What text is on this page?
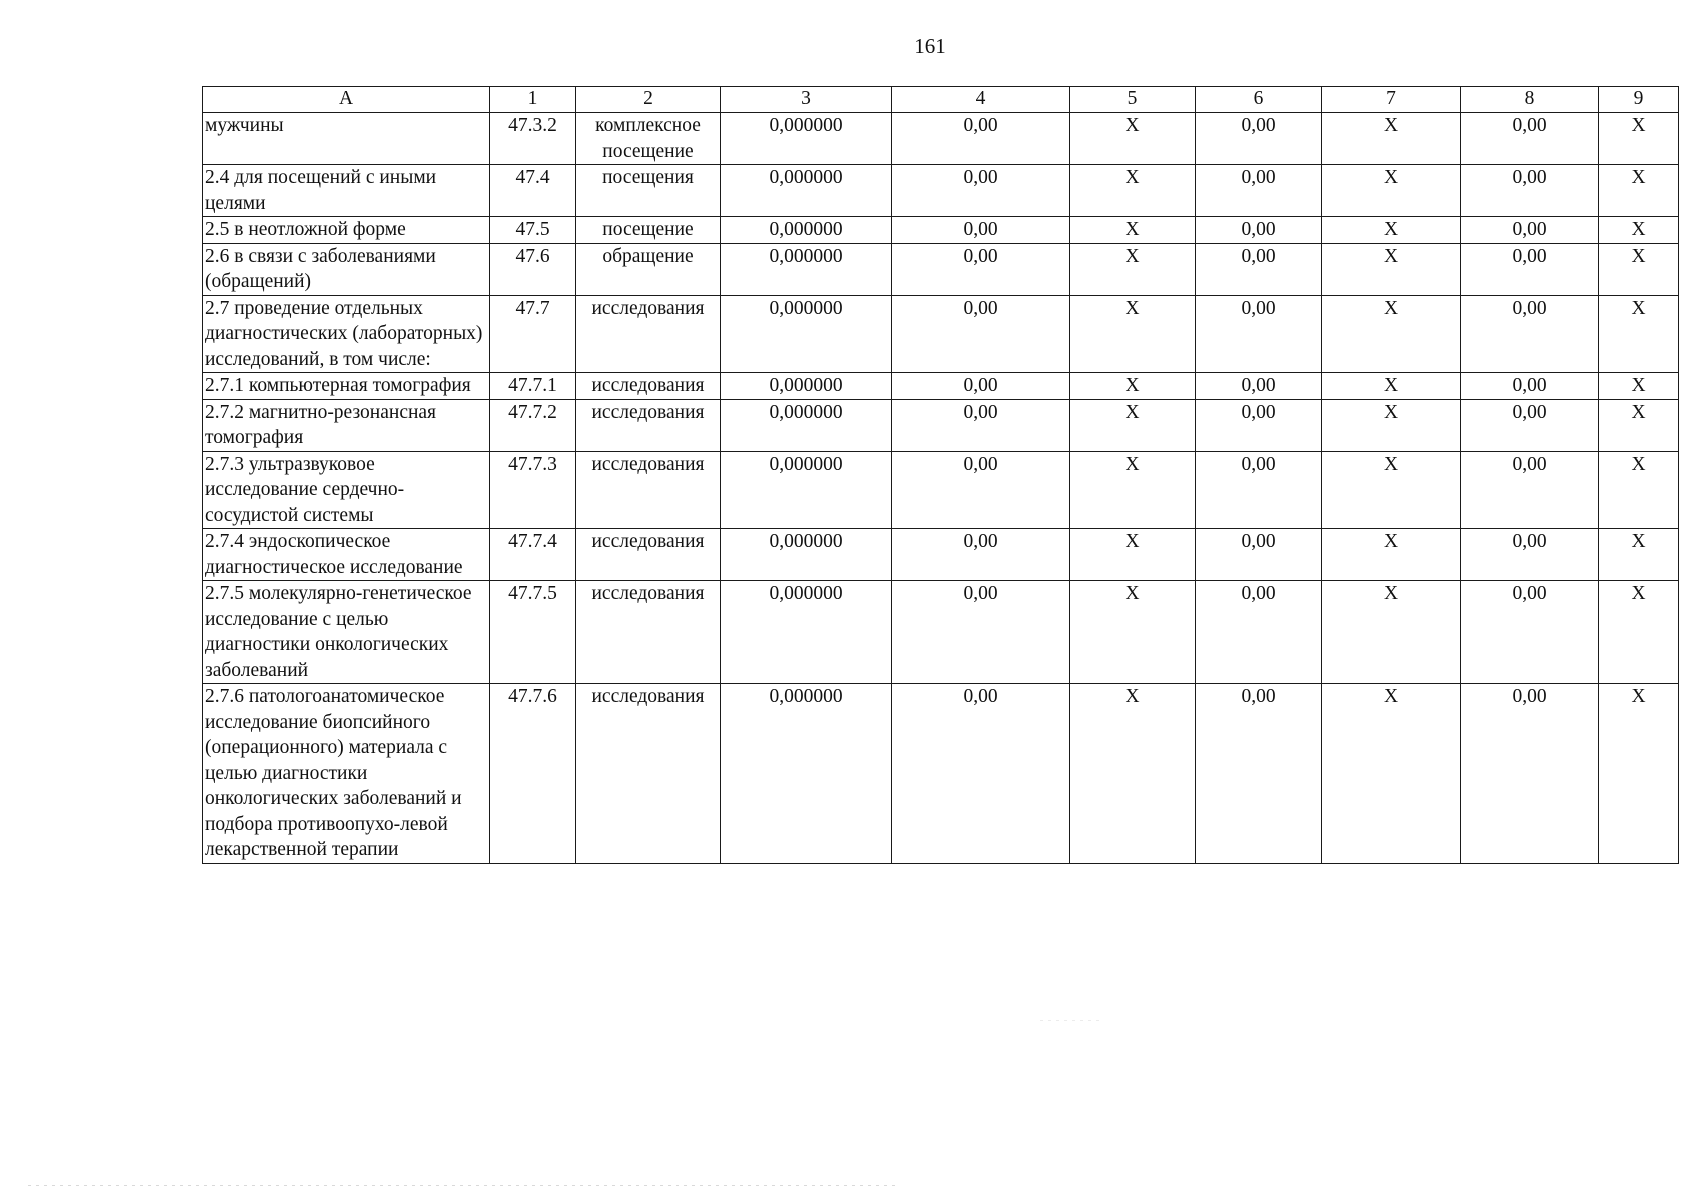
161
А	1	2	3	4	5	6	7	8	9
мужчины	47.3.2	комплексное посещение	0,000000	0,00	X	0,00	X	0,00	X
2.4 для посещений с иными целями	47.4	посещения	0,000000	0,00	X	0,00	X	0,00	X
2.5 в неотложной форме	47.5	посещение	0,000000	0,00	X	0,00	X	0,00	X
2.6 в связи с заболеваниями (обращений)	47.6	обращение	0,000000	0,00	X	0,00	X	0,00	X
2.7 проведение отдельных диагностических (лабораторных) исследований, в том числе:	47.7	исследования	0,000000	0,00	X	0,00	X	0,00	X
2.7.1 компьютерная томография	47.7.1	исследования	0,000000	0,00	X	0,00	X	0,00	X
2.7.2 магнитно-резонансная томография	47.7.2	исследования	0,000000	0,00	X	0,00	X	0,00	X
2.7.3 ультразвуковое исследование сердечно-сосудистой системы	47.7.3	исследования	0,000000	0,00	X	0,00	X	0,00	X
2.7.4 эндоскопическое диагностическое исследование	47.7.4	исследования	0,000000	0,00	X	0,00	X	0,00	X
2.7.5 молекулярно-генетическое исследование с целью диагностики онкологических заболеваний	47.7.5	исследования	0,000000	0,00	X	0,00	X	0,00	X
2.7.6 патологоанатомическое исследование биопсийного (операционного) материала с целью диагностики онкологических заболеваний и подбора противоопухо-левой лекарственной терапии	47.7.6	исследования	0,000000	0,00	X	0,00	X	0,00	X
